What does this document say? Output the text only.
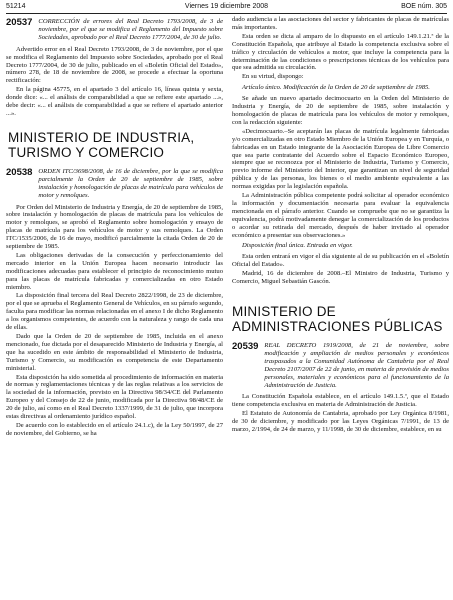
51214	Viernes 19 diciembre 2008	BOE núm. 305
20537 CORRECCIÓN de errores del Real Decreto 1793/2008, de 3 de noviembre, por el que se modifica el Reglamento del Impuesto sobre Sociedades, aprobado por el Real Decreto 1777/2004, de 30 de julio.

Advertido error en el Real Decreto 1793/2008, de 3 de noviembre, por el que se modifica el Reglamento del Impuesto sobre Sociedades, aprobado por el Real Decreto 1777/2004, de 30 de julio, publicado en el «Boletín Oficial del Estado», número 278, de 18 de noviembre de 2008, se procede a efectuar la oportuna rectificación:

En la página 45775, en el apartado 3 del artículo 16, líneas quinta y sexta, donde dice: «... el análisis de comparabilidad a que se refiere este apartado ...», debe decir: «... el análisis de comparabilidad a que se refiere el apartado anterior ...».

MINISTERIO DE INDUSTRIA, TURISMO Y COMERCIO
20538 ORDEN ITC/3698/2008, de 16 de diciembre, por la que se modifica parcialmente la Orden de 20 de septiembre de 1985, sobre instalación y homologación de placas de matrícula para vehículos de motor y remolques.

Por Orden del Ministerio de Industria y Energía, de 20 de septiembre de 1985, sobre instalación y homologación de placas de matrícula para los vehículos de motor y remolques, se aprobó el Reglamento sobre homologación y ensayo de placas de matrícula para los vehículos de motor y sus remolques. La Orden ITC/1535/2006, de 16 de mayo, modificó parcialmente la citada Orden de 20 de septiembre de 1985.

Las obligaciones derivadas de la consecución y perfeccionamiento del mercado interior en la Unión Europea hacen necesario introducir las modificaciones adecuadas para establecer el principio de reconocimiento mutuo para las placas de matrícula fabricadas y comercializadas en otro Estado miembro.

La disposición final tercera del Real Decreto 2822/1998, de 23 de diciembre, por el que se aprueba el Reglamento General de Vehículos, en su párrafo segundo, faculta para modificar las normas relacionadas en el anexo I de dicho Reglamento a los organismos competentes, de acuerdo con la naturaleza y rango de cada una de ellas.

Dado que la Orden de 20 de septiembre de 1985, incluida en el anexo mencionado, fue dictada por el desaparecido Ministerio de Industria y Energía, al que ha sucedido en este ámbito de responsabilidad el Ministerio de Industria, Turismo y Comercio, su modificación es competencia de este Departamento ministerial.

Esta disposición ha sido sometida al procedimiento de información en materia de normas y reglamentaciones técnicas y de las reglas relativas a los servicios de la sociedad de la información, previsto en la Directiva 98/34/CE del Parlamento Europeo y del Consejo de 22 de junio, modificada por la Directiva 98/48/CE de 20 de julio, así como en el Real Decreto 1337/1999, de 31 de julio, que incorpora estas directivas al ordenamiento jurídico español.

De acuerdo con lo establecido en el artículo 24.1.c), de la Ley 50/1997, de 27 de noviembre, del Gobierno, se ha

dado audiencia a las asociaciones del sector y fabricantes de placas de matrículas más importantes.

Esta orden se dicta al amparo de lo dispuesto en el artículo 149.1.21.ª de la Constitución Española, que atribuye al Estado la competencia exclusiva sobre el tráfico y circulación de vehículos a motor, que incluye la competencia para la determinación de las condiciones o prescripciones técnicas de los vehículos para que sea admitida su circulación.

En su virtud, dispongo:

Artículo único. Modificación de la Orden de 20 de septiembre de 1985.

Se añade un nuevo apartado decimocuarto en la Orden del Ministerio de Industria y Energía, de 20 de septiembre de 1985, sobre instalación y homologación de placas de matrícula para los vehículos de motor y remolques, con la redacción siguiente:

«Decimocuarto.–Se aceptarán las placas de matrícula legalmente fabricadas y/o comercializadas en otro Estado Miembro de la Unión Europea y en Turquía, o fabricadas en un Estado integrante de la Asociación Europea de Libre Comercio que sea parte contratante del Acuerdo sobre el Espacio Económico Europeo, siempre que se reconozca por el Ministerio de Industria, Turismo y Comercio, previo informe del Ministerio del Interior, que garantizan un nivel de seguridad pública y de las personas, los bienes o el medio ambiente equivalente a las normas exigidas por la legislación española.

La Administración pública competente podrá solicitar al operador económico la información y documentación necesaria para evaluar la equivalencia mencionada en el párrafo anterior. Cuando se compruebe que no se garantiza la equivalencia, podrá motivadamente denegar la comercialización de los productos o acordar su retirada del mercado, después de haber invitado al operador económico a presentar sus observaciones.»

Disposición final única. Entrada en vigor.

Esta orden entrará en vigor el día siguiente al de su publicación en el «Boletín Oficial del Estado».

Madrid, 16 de diciembre de 2008.–El Ministro de Industria, Turismo y Comercio, Miguel Sebastián Gascón.

MINISTERIO DE ADMINISTRACIONES PÚBLICAS
20539 REAL DECRETO 1919/2008, de 21 de noviembre, sobre modificación y ampliación de medios personales y económicos traspasados a la Comunidad Autónoma de Cantabria por el Real Decreto 2107/2007 de 22 de junio, en materia de provisión de medios personales, materiales y económicos para el funcionamiento de la Administración de Justicia.

La Constitución Española establece, en el artículo 149.1.5.ª, que el Estado tiene competencia exclusiva en materia de Administración de Justicia.

El Estatuto de Autonomía de Cantabria, aprobado por Ley Orgánica 8/1981, de 30 de diciembre, y modificado por las Leyes Orgánicas 7/1991, de 13 de marzo, 2/1994, de 24 de marzo, y 11/1998, de 30 de diciembre, establece, en su
